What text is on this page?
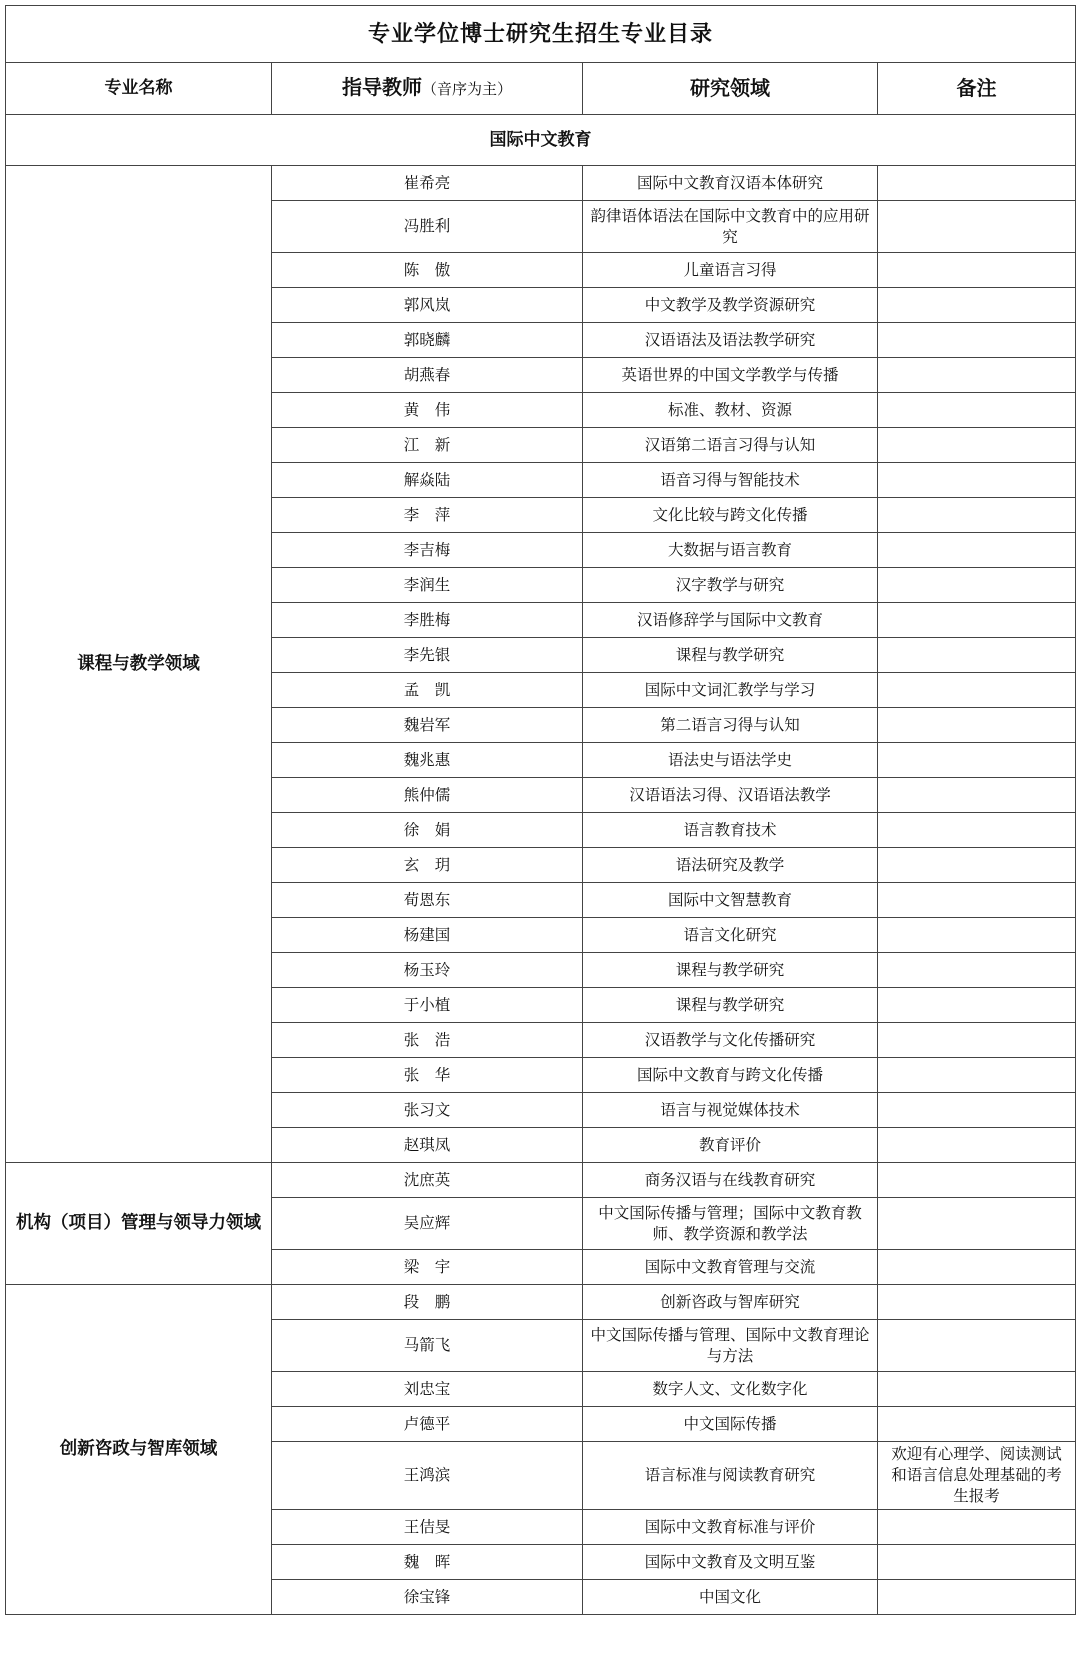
专业学位博士研究生招生专业目录			
专业名称	指导教师（音序为主）	研究领域	备注
国际中文教育			
课程与教学领域	崔希亮	国际中文教育汉语本体研究	
	冯胜利	韵律语体语法在国际中文教育中的应用研究	
	陈　傲	儿童语言习得	
	郭风岚	中文教学及教学资源研究	
	郭晓麟	汉语语法及语法教学研究	
	胡燕春	英语世界的中国文学教学与传播	
	黄　伟	标准、教材、资源	
	江　新	汉语第二语言习得与认知	
	解焱陆	语音习得与智能技术	
	李　萍	文化比较与跨文化传播	
	李吉梅	大数据与语言教育	
	李润生	汉字教学与研究	
	李胜梅	汉语修辞学与国际中文教育	
	李先银	课程与教学研究	
	孟　凯	国际中文词汇教学与学习	
	魏岩军	第二语言习得与认知	
	魏兆惠	语法史与语法学史	
	熊仲儒	汉语语法习得、汉语语法教学	
	徐　娟	语言教育技术	
	玄　玥	语法研究及教学	
	荀恩东	国际中文智慧教育	
	杨建国	语言文化研究	
	杨玉玲	课程与教学研究	
	于小植	课程与教学研究	
	张　浩	汉语教学与文化传播研究	
	张　华	国际中文教育与跨文化传播	
	张习文	语言与视觉媒体技术	
	赵琪凤	教育评价	
机构（项目）管理与领导力领域	沈庶英	商务汉语与在线教育研究	
	吴应辉	中文国际传播与管理；国际中文教育教师、教学资源和教学法	
	梁　宇	国际中文教育管理与交流	
创新咨政与智库领域	段　鹏	创新咨政与智库研究	
	马箭飞	中文国际传播与管理、国际中文教育理论与方法	
	刘忠宝	数字人文、文化数字化	
	卢德平	中文国际传播	
	王鸿滨	语言标准与阅读教育研究	欢迎有心理学、阅读测试和语言信息处理基础的考生报考
	王佶旻	国际中文教育标准与评价	
	魏　晖	国际中文教育及文明互鉴	
	徐宝锋	中国文化	
